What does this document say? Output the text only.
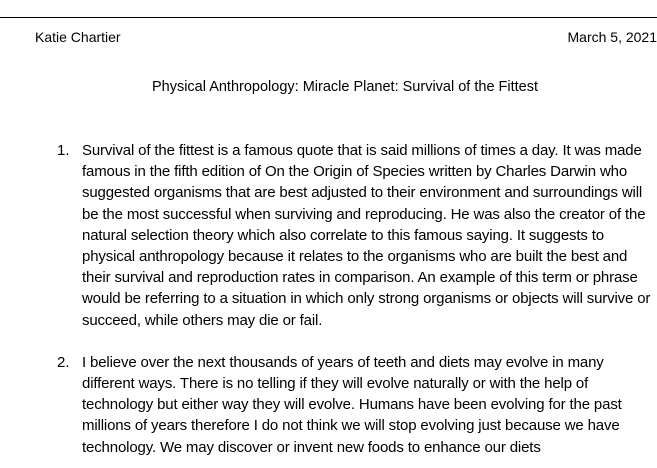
Katie Chartier	March 5, 2021
Physical Anthropology: Miracle Planet: Survival of the Fittest
1. Survival of the fittest is a famous quote that is said millions of times a day. It was made famous in the fifth edition of On the Origin of Species written by Charles Darwin who suggested organisms that are best adjusted to their environment and surroundings will be the most successful when surviving and reproducing. He was also the creator of the natural selection theory which also correlate to this famous saying. It suggests to physical anthropology because it relates to the organisms who are built the best and their survival and reproduction rates in comparison. An example of this term or phrase would be referring to a situation in which only strong organisms or objects will survive or succeed, while others may die or fail.
2. I believe over the next thousands of years of teeth and diets may evolve in many different ways. There is no telling if they will evolve naturally or with the help of technology but either way they will evolve. Humans have been evolving for the past millions of years therefore I do not think we will stop evolving just because we have technology. We may discover or invent new foods to enhance our diets
